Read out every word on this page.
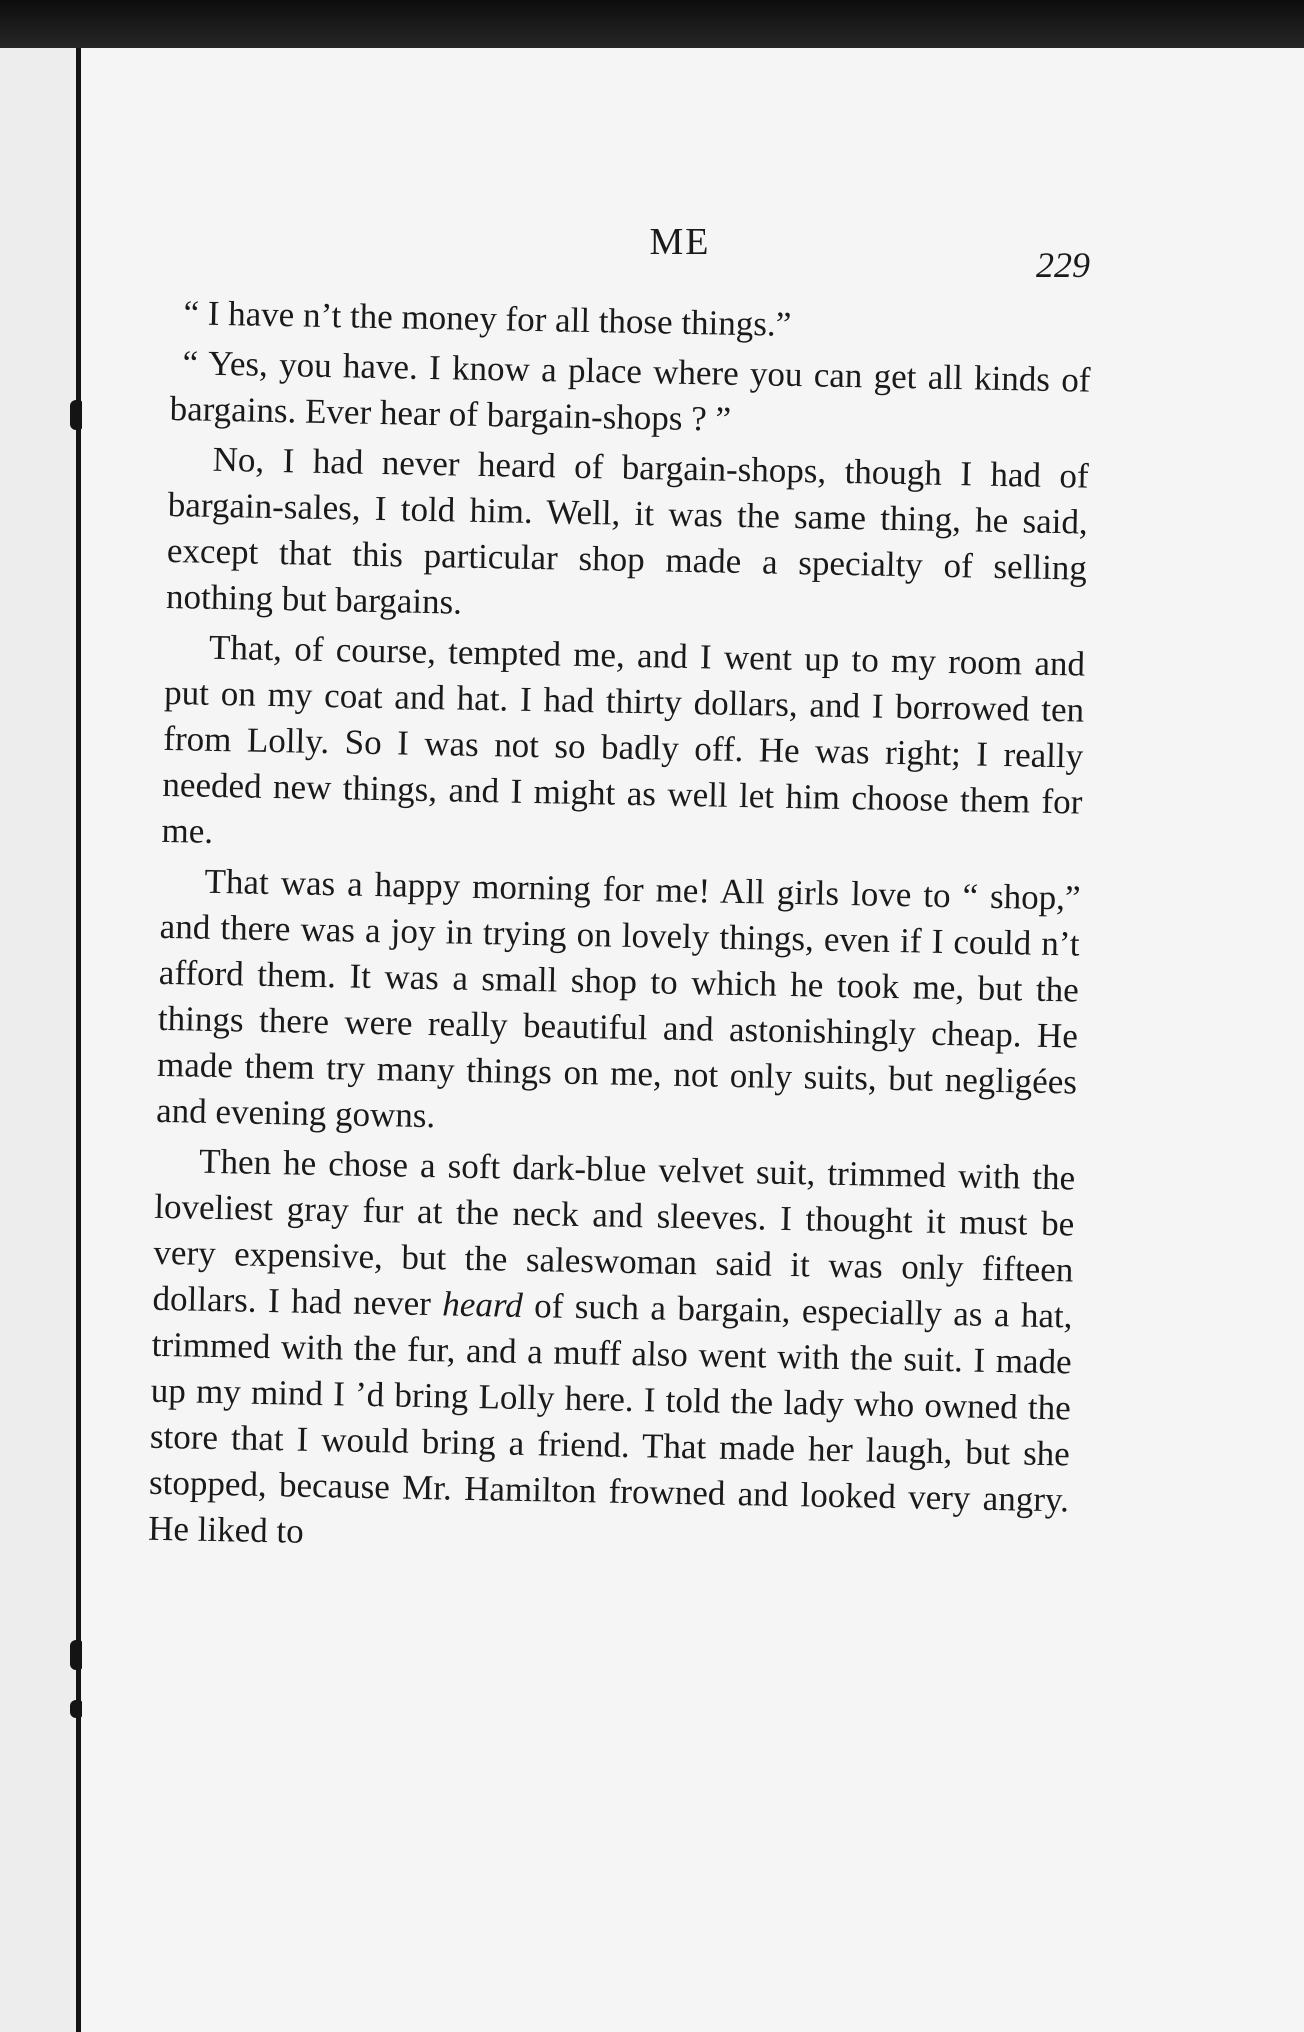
ME
229

“ I have n’t the money for all those things.”

“ Yes, you have. I know a place where you can get all kinds of bargains. Ever hear of bargain-shops ? ”

No, I had never heard of bargain-shops, though I had of bargain-sales, I told him. Well, it was the same thing, he said, except that this particular shop made a specialty of selling nothing but bargains.

That, of course, tempted me, and I went up to my room and put on my coat and hat. I had thirty dollars, and I borrowed ten from Lolly. So I was not so badly off. He was right; I really needed new things, and I might as well let him choose them for me.

That was a happy morning for me! All girls love to “ shop,” and there was a joy in trying on lovely things, even if I could n’t afford them. It was a small shop to which he took me, but the things there were really beautiful and astonishingly cheap. He made them try many things on me, not only suits, but negligées and evening gowns.

Then he chose a soft dark-blue velvet suit, trimmed with the loveliest gray fur at the neck and sleeves. I thought it must be very expensive, but the saleswoman said it was only fifteen dollars. I had never heard of such a bargain, especially as a hat, trimmed with the fur, and a muff also went with the suit. I made up my mind I ’d bring Lolly here. I told the lady who owned the store that I would bring a friend. That made her laugh, but she stopped, because Mr. Hamilton frowned and looked very angry. He liked to
